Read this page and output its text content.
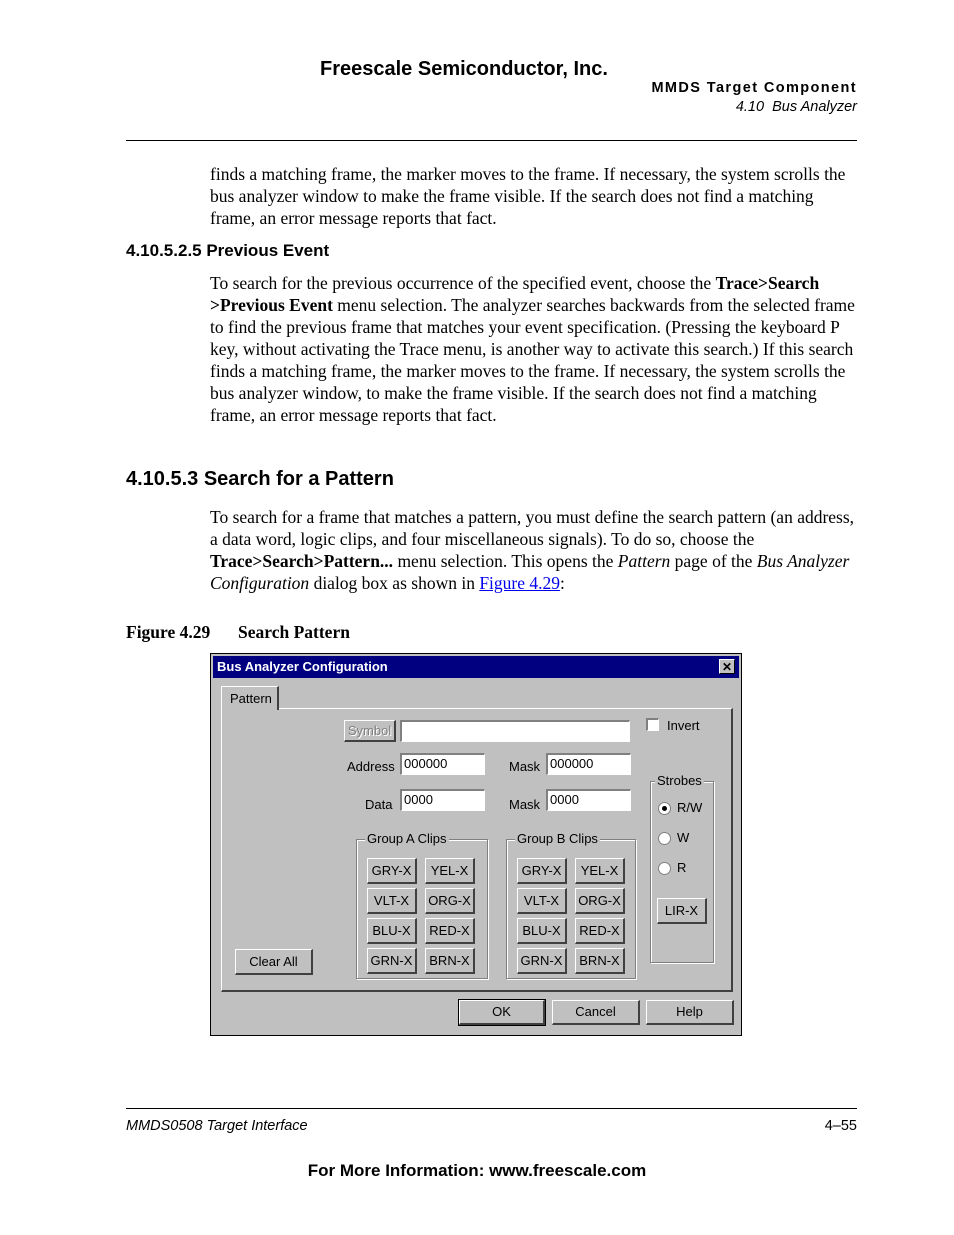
Freescale Semiconductor, Inc.
MMDS Target Component
4.10  Bus Analyzer
finds a matching frame, the marker moves to the frame. If necessary, the system scrolls the bus analyzer window to make the frame visible. If the search does not find a matching frame, an error message reports that fact.
4.10.5.2.5 Previous Event
To search for the previous occurrence of the specified event, choose the Trace>Search >Previous Event menu selection. The analyzer searches backwards from the selected frame to find the previous frame that matches your event specification. (Pressing the keyboard P key, without activating the Trace menu, is another way to activate this search.) If this search finds a matching frame, the marker moves to the frame. If necessary, the system scrolls the bus analyzer window, to make the frame visible. If the search does not find a matching frame, an error message reports that fact.
4.10.5.3 Search for a Pattern
To search for a frame that matches a pattern, you must define the search pattern (an address, a data word, logic clips, and four miscellaneous signals). To do so, choose the Trace>Search>Pattern... menu selection. This opens the Pattern page of the Bus Analyzer Configuration dialog box as shown in Figure 4.29:
Figure 4.29 Search Pattern
Bus Analyzer Configuration	✕
Pattern
Symbol	Invert
Address 000000	Mask 000000
Data 0000	Mask 0000
Group A Clips
GRY-X	YEL-X
VLT-X	ORG-X
BLU-X	RED-X
GRN-X	BRN-X
Group B Clips
GRY-X	YEL-X
VLT-X	ORG-X
BLU-X	RED-X
GRN-X	BRN-X
Strobes
R/W
W
R
LIR-X
Clear All
OK	Cancel	Help
MMDS0508 Target Interface	4–55
For More Information: www.freescale.com
